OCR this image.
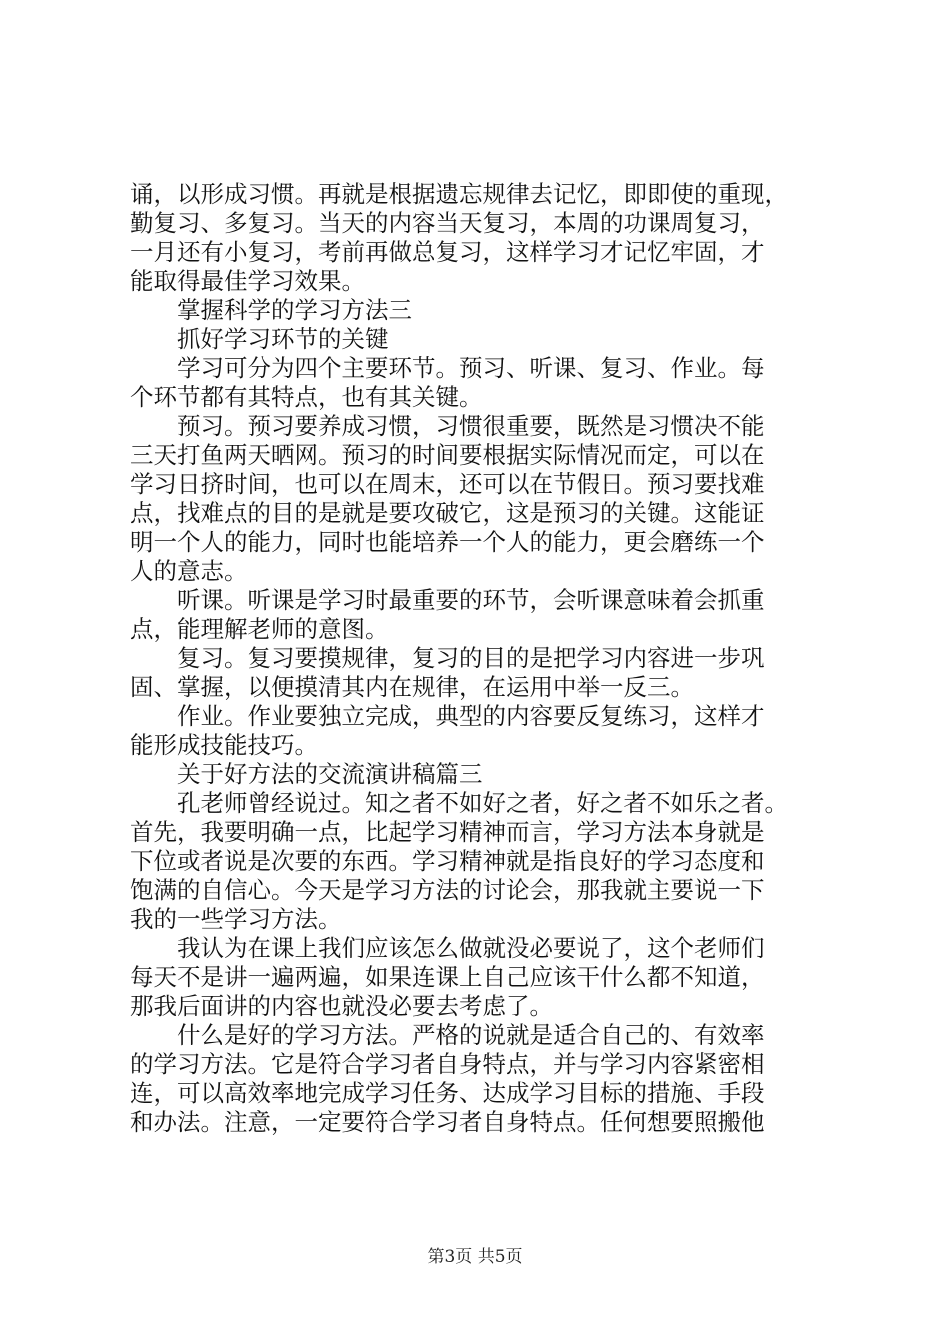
诵，以形成习惯。再就是根据遗忘规律去记忆，即即使的重现，
勤复习、多复习。当天的内容当天复习，本周的功课周复习，
一月还有小复习，考前再做总复习，这样学习才记忆牢固，才
能取得最佳学习效果。
掌握科学的学习方法三
抓好学习环节的关键
学习可分为四个主要环节。预习、听课、复习、作业。每
个环节都有其特点，也有其关键。
预习。预习要养成习惯，习惯很重要，既然是习惯决不能
三天打鱼两天晒网。预习的时间要根据实际情况而定，可以在
学习日挤时间，也可以在周末，还可以在节假日。预习要找难
点，找难点的目的是就是要攻破它，这是预习的关键。这能证
明一个人的能力，同时也能培养一个人的能力，更会磨练一个
人的意志。
听课。听课是学习时最重要的环节，会听课意味着会抓重
点，能理解老师的意图。
复习。复习要摸规律，复习的目的是把学习内容进一步巩
固、掌握，以便摸清其内在规律，在运用中举一反三。
作业。作业要独立完成，典型的内容要反复练习，这样才
能形成技能技巧。
关于好方法的交流演讲稿篇三
孔老师曾经说过。知之者不如好之者，好之者不如乐之者。
首先，我要明确一点，比起学习精神而言，学习方法本身就是
下位或者说是次要的东西。学习精神就是指良好的学习态度和
饱满的自信心。今天是学习方法的讨论会，那我就主要说一下
我的一些学习方法。
我认为在课上我们应该怎么做就没必要说了，这个老师们
每天不是讲一遍两遍，如果连课上自己应该干什么都不知道，
那我后面讲的内容也就没必要去考虑了。
什么是好的学习方法。严格的说就是适合自己的、有效率
的学习方法。它是符合学习者自身特点，并与学习内容紧密相
连，可以高效率地完成学习任务、达成学习目标的措施、手段
和办法。注意，一定要符合学习者自身特点。任何想要照搬他
第3页 共5页
